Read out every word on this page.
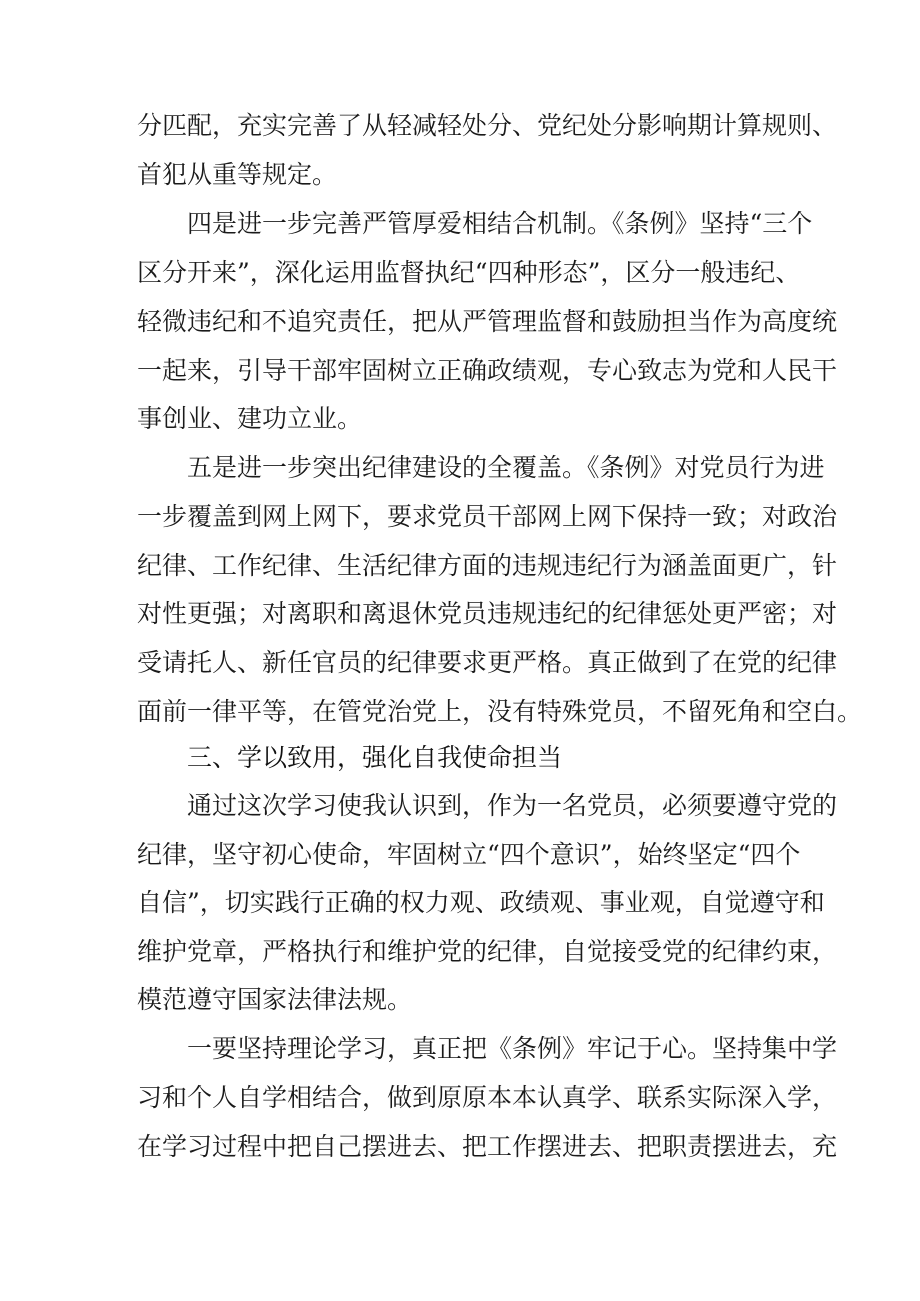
分匹配，充实完善了从轻减轻处分、党纪处分影响期计算规则、
首犯从重等规定。
四是进一步完善严管厚爱相结合机制。《条例》坚持“三个
区分开来”，深化运用监督执纪“四种形态”，区分一般违纪、
轻微违纪和不追究责任，把从严管理监督和鼓励担当作为高度统
一起来，引导干部牢固树立正确政绩观，专心致志为党和人民干
事创业、建功立业。
五是进一步突出纪律建设的全覆盖。《条例》对党员行为进
一步覆盖到网上网下，要求党员干部网上网下保持一致；对政治
纪律、工作纪律、生活纪律方面的违规违纪行为涵盖面更广，针
对性更强；对离职和离退休党员违规违纪的纪律惩处更严密；对
受请托人、新任官员的纪律要求更严格。真正做到了在党的纪律
面前一律平等，在管党治党上，没有特殊党员，不留死角和空白。
三、学以致用，强化自我使命担当
通过这次学习使我认识到，作为一名党员，必须要遵守党的
纪律，坚守初心使命，牢固树立“四个意识”，始终坚定“四个
自信”，切实践行正确的权力观、政绩观、事业观，自觉遵守和
维护党章，严格执行和维护党的纪律，自觉接受党的纪律约束，
模范遵守国家法律法规。
一要坚持理论学习，真正把《条例》牢记于心。坚持集中学
习和个人自学相结合，做到原原本本认真学、联系实际深入学，
在学习过程中把自己摆进去、把工作摆进去、把职责摆进去，充
